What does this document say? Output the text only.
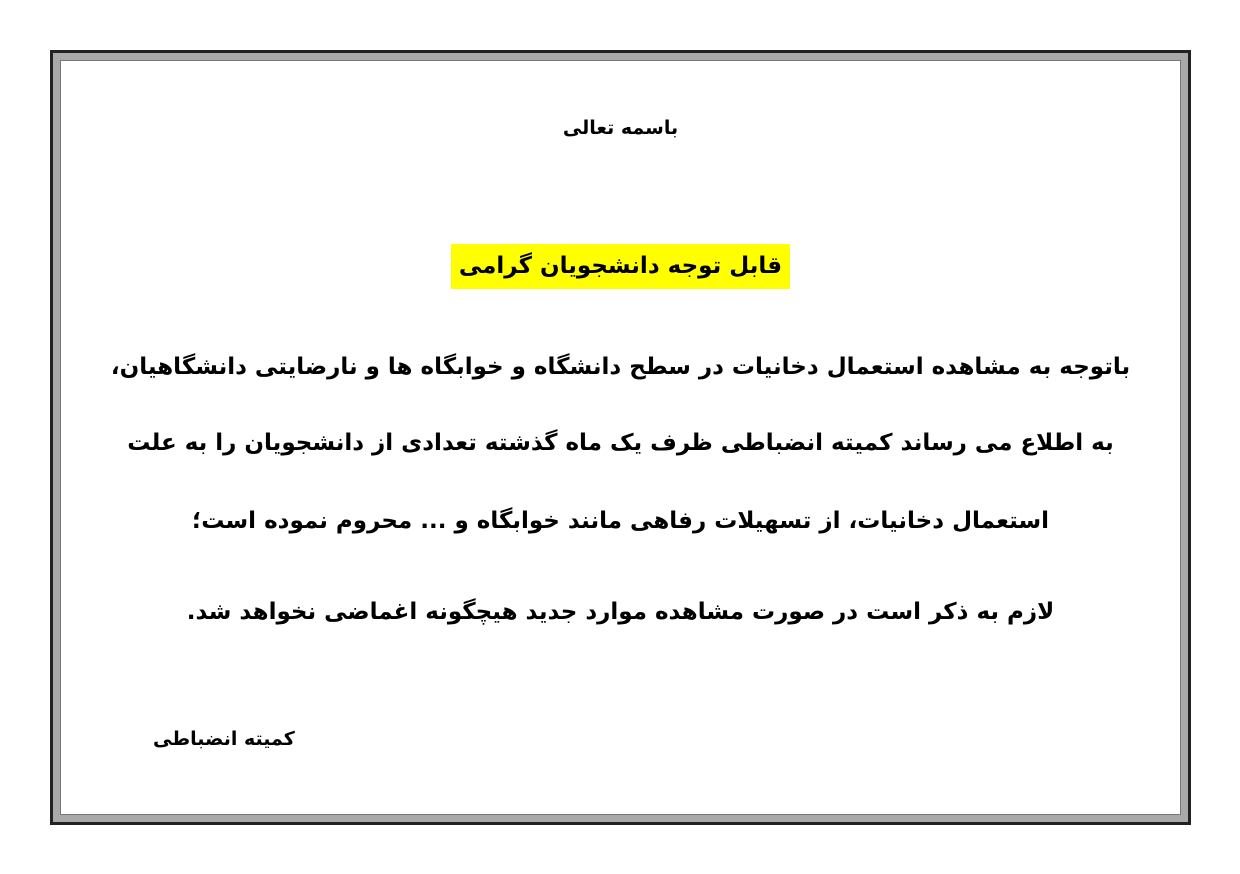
باسمه تعالی
قابل توجه دانشجویان گرامی
باتوجه به مشاهده استعمال دخانیات در سطح دانشگاه و خوابگاه ها و نارضایتی دانشگاهیان،
به اطلاع می رساند کمیته انضباطی ظرف یک ماه گذشته تعدادی از دانشجویان را به علت
استعمال دخانیات، از تسهیلات رفاهی مانند خوابگاه و ... محروم نموده است؛
لازم به ذکر است در صورت مشاهده موارد جدید هیچگونه اغماضی نخواهد شد.
کمیته انضباطی
